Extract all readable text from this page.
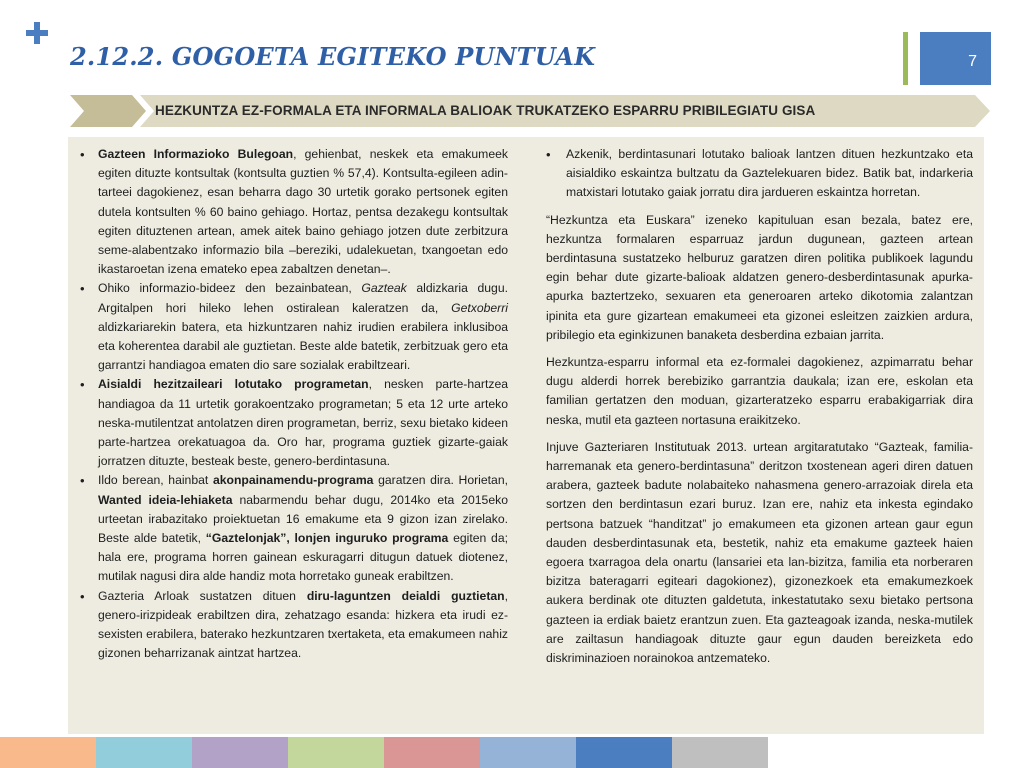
2.12.2. GOGOETA EGITEKO PUNTUAK	7
HEZKUNTZA EZ-FORMALA ETA INFORMALA BALIOAK TRUKATZEKO ESPARRU PRIBILEGIATU GISA

• Gazteen Informazioko Bulegoan, gehienbat, neskek eta emakumeek egiten dituzte kontsultak (kontsulta guztien % 57,4). Kontsulta-egileen adin-tarteei dagokienez, esan beharra dago 30 urtetik gorako pertsonek egiten dutela kontsulten % 60 baino gehiago. Hortaz, pentsa dezakegu kontsultak egiten dituztenen artean, amek aitek baino gehiago jotzen dute zerbitzura seme-alabentzako informazio bila –bereziki, udalekuetan, txangoetan edo ikastaroetan izena emateko epea zabaltzen denetan–.

• Ohiko informazio-bideez den bezainbatean, Gazteak aldizkaria dugu. Argitalpen hori hileko lehen ostiralean kaleratzen da, Getxoberri aldizkariarekin batera, eta hizkuntzaren nahiz irudien erabilera inklusiboa eta koherentea darabil ale guztietan. Beste alde batetik, zerbitzuak gero eta garrantzi handiagoa ematen dio sare sozialak erabiltzeari.

• Aisialdi hezitzaileari lotutako programetan, nesken parte-hartzea handiagoa da 11 urtetik gorakoentzako programetan; 5 eta 12 urte arteko neska-mutilentzat antolatzen diren programetan, berriz, sexu bietako kideen parte-hartzea orekatuagoa da. Oro har, programa guztiek gizarte-gaiak jorratzen dituzte, besteak beste, genero-berdintasuna.

• Ildo berean, hainbat akonpainamendu-programa garatzen dira. Horietan, Wanted ideia-lehiaketa nabarmendu behar dugu, 2014ko eta 2015eko urteetan irabazitako proiektuetan 16 emakume eta 9 gizon izan zirelako. Beste alde batetik, “Gaztelonjak”, lonjen inguruko programa egiten da; hala ere, programa horren gainean eskuragarri ditugun datuek diotenez, mutilak nagusi dira alde handiz mota horretako guneak erabiltzen.

• Gazteria Arloak sustatzen dituen diru-laguntzen deialdi guztietan, genero-irizpideak erabiltzen dira, zehatzago esanda: hizkera eta irudi ez-sexisten erabilera, baterako hezkuntzaren txertaketa, eta emakumeen nahiz gizonen beharrizanak aintzat hartzea.

• Azkenik, berdintasunari lotutako balioak lantzen dituen hezkuntzako eta aisialdiko eskaintza bultzatu da Gaztelekuaren bidez. Batik bat, indarkeria matxistari lotutako gaiak jorratu dira jardueren eskaintza horretan.

“Hezkuntza eta Euskara” izeneko kapituluan esan bezala, batez ere, hezkuntza formalaren esparruaz jardun dugunean, gazteen artean berdintasuna sustatzeko helburuz garatzen diren politika publikoek lagundu egin behar dute gizarte-balioak aldatzen genero-desberdintasunak apurka-apurka baztertzeko, sexuaren eta generoaren arteko dikotomia zalantzan ipinita eta gure gizartean emakumeei eta gizonei esleitzen zaizkien ardura, pribilegio eta eginkizunen banaketa desberdina ezbaian jarrita.

Hezkuntza-esparru informal eta ez-formalei dagokienez, azpimarratu behar dugu alderdi horrek berebiziko garrantzia daukala; izan ere, eskolan eta familian gertatzen den moduan, gizarteratzeko esparru erabakigarriak dira neska, mutil eta gazteen nortasuna eraikitzeko.

Injuve Gazteriaren Institutuak 2013. urtean argitaratutako “Gazteak, familia-harremanak eta genero-berdintasuna” deritzon txostenean ageri diren datuen arabera, gazteek badute nolabaiteko nahasmena genero-arrazoiak direla eta sortzen den berdintasun ezari buruz. Izan ere, nahiz eta inkesta egindako pertsona batzuek “handitzat” jo emakumeen eta gizonen artean gaur egun dauden desberdintasunak eta, bestetik, nahiz eta emakume gazteek haien egoera txarragoa dela onartu (lansariei eta lan-bizitza, familia eta norberaren bizitza bateragarri egiteari dagokionez), gizonezkoek eta emakumezkoek aukera berdinak ote dituzten galdetuta, inkestatutako sexu bietako pertsona gazteen ia erdiak baietz erantzun zuen. Eta gazteagoak izanda, neska-mutilek are zailtasun handiagoak dituzte gaur egun dauden bereizketa edo diskriminazioen norainokoa antzemateko.
